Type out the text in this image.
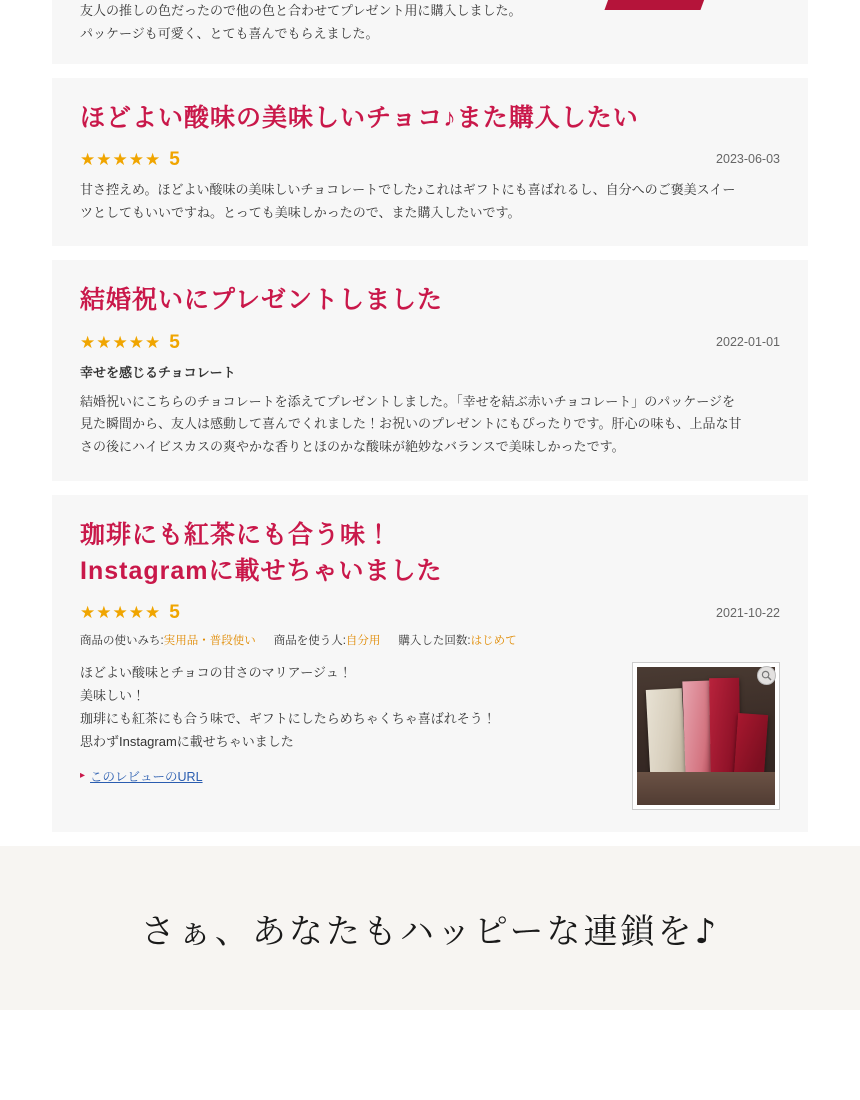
友人の推しの色だったので他の色と合わせてプレゼント用に購入しました。
パッケージも可愛く、とても喜んでもらえました。

ほどよい酸味の美味しいチョコ♪また購入したい
★★★★★ 5	2023-06-03

甘さ控えめ。ほどよい酸味の美味しいチョコレートでした♪これはギフトにも喜ばれるし、自分へのご褒美スイー
ツとしてもいいですね。とっても美味しかったので、また購入したいです。

結婚祝いにプレゼントしました
★★★★★ 5	2022-01-01
幸せを感じるチョコレート

結婚祝いにこちらのチョコレートを添えてプレゼントしました。「幸せを結ぶ赤いチョコレート」のパッケージを
見た瞬間から、友人は感動して喜んでくれました！お祝いのプレゼントにもぴったりです。肝心の味も、上品な甘
さの後にハイビスカスの爽やかな香りとほのかな酸味が絶妙なバランスで美味しかったです。

珈琲にも紅茶にも合う味！
Instagramに載せちゃいました
★★★★★ 5	2021-10-22
商品の使いみち:実用品・普段使い 商品を使う人:自分用 購入した回数:はじめて

ほどよい酸味とチョコの甘さのマリアージュ！
美味しい！
珈琲にも紅茶にも合う味で、ギフトにしたらめちゃくちゃ喜ばれそう！
思わずInstagramに載せちゃいました

▸ このレビューのURL
さぁ、あなたもハッピーな連鎖を♪
